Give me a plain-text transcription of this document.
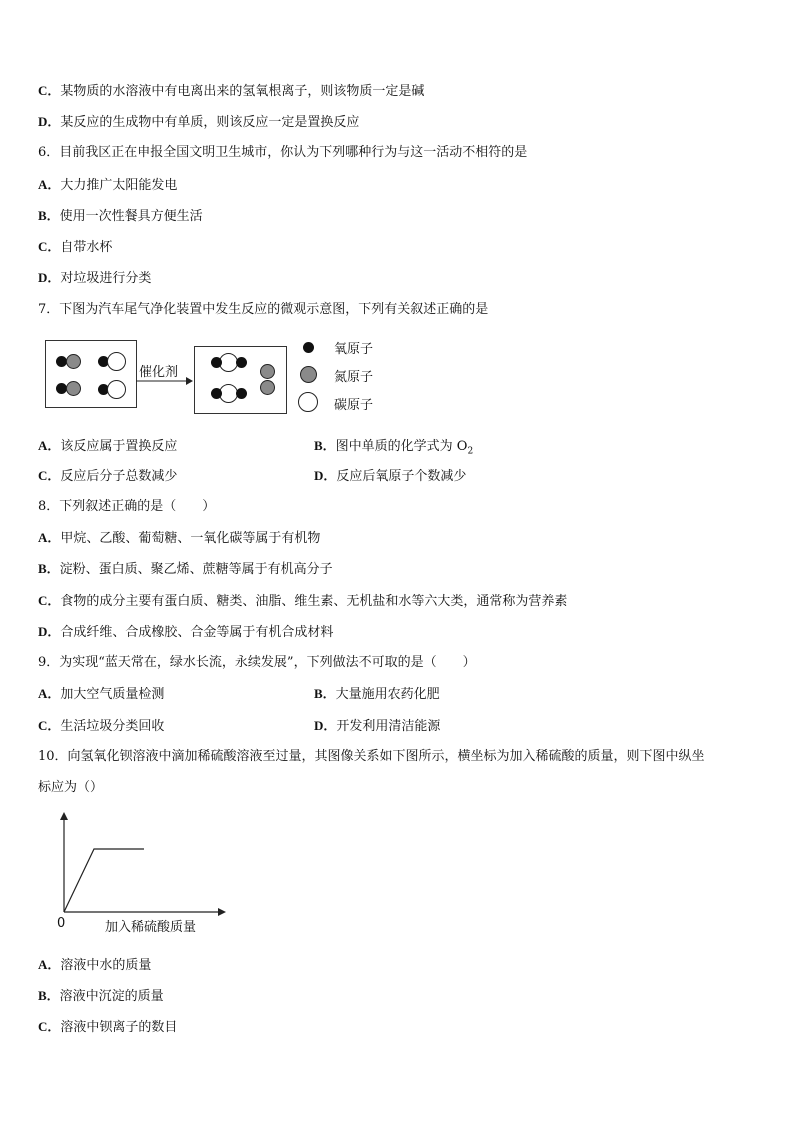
C．某物质的水溶液中有电离出来的氢氧根离子，则该物质一定是碱
D．某反应的生成物中有单质，则该反应一定是置换反应
6．目前我区正在申报全国文明卫生城市，你认为下列哪种行为与这一活动不相符的是
A．大力推广太阳能发电
B．使用一次性餐具方便生活
C．自带水杯
D．对垃圾进行分类
7．下图为汽车尾气净化装置中发生反应的微观示意图，下列有关叙述正确的是
催化剂
氧原子
氮原子
碳原子
A．该反应属于置换反应	B．图中单质的化学式为 $O_2$
C．反应后分子总数减少	D．反应后氧原子个数减少
8．下列叙述正确的是（　　）
A．甲烷、乙酸、葡萄糖、一氧化碳等属于有机物
B．淀粉、蛋白质、聚乙烯、蔗糖等属于有机高分子
C．食物的成分主要有蛋白质、糖类、油脂、维生素、无机盐和水等六大类，通常称为营养素
D．合成纤维、合成橡胶、合金等属于有机合成材料
9．为实现“蓝天常在，绿水长流，永续发展”，下列做法不可取的是（　　）
A．加大空气质量检测	B．大量施用农药化肥
C．生活垃圾分类回收	D．开发利用清洁能源
10．向氢氧化钡溶液中滴加稀硫酸溶液至过量，其图像关系如下图所示，横坐标为加入稀硫酸的质量，则下图中纵坐
标应为（）
0	加入稀硫酸质量
A．溶液中水的质量
B．溶液中沉淀的质量
C．溶液中钡离子的数目
